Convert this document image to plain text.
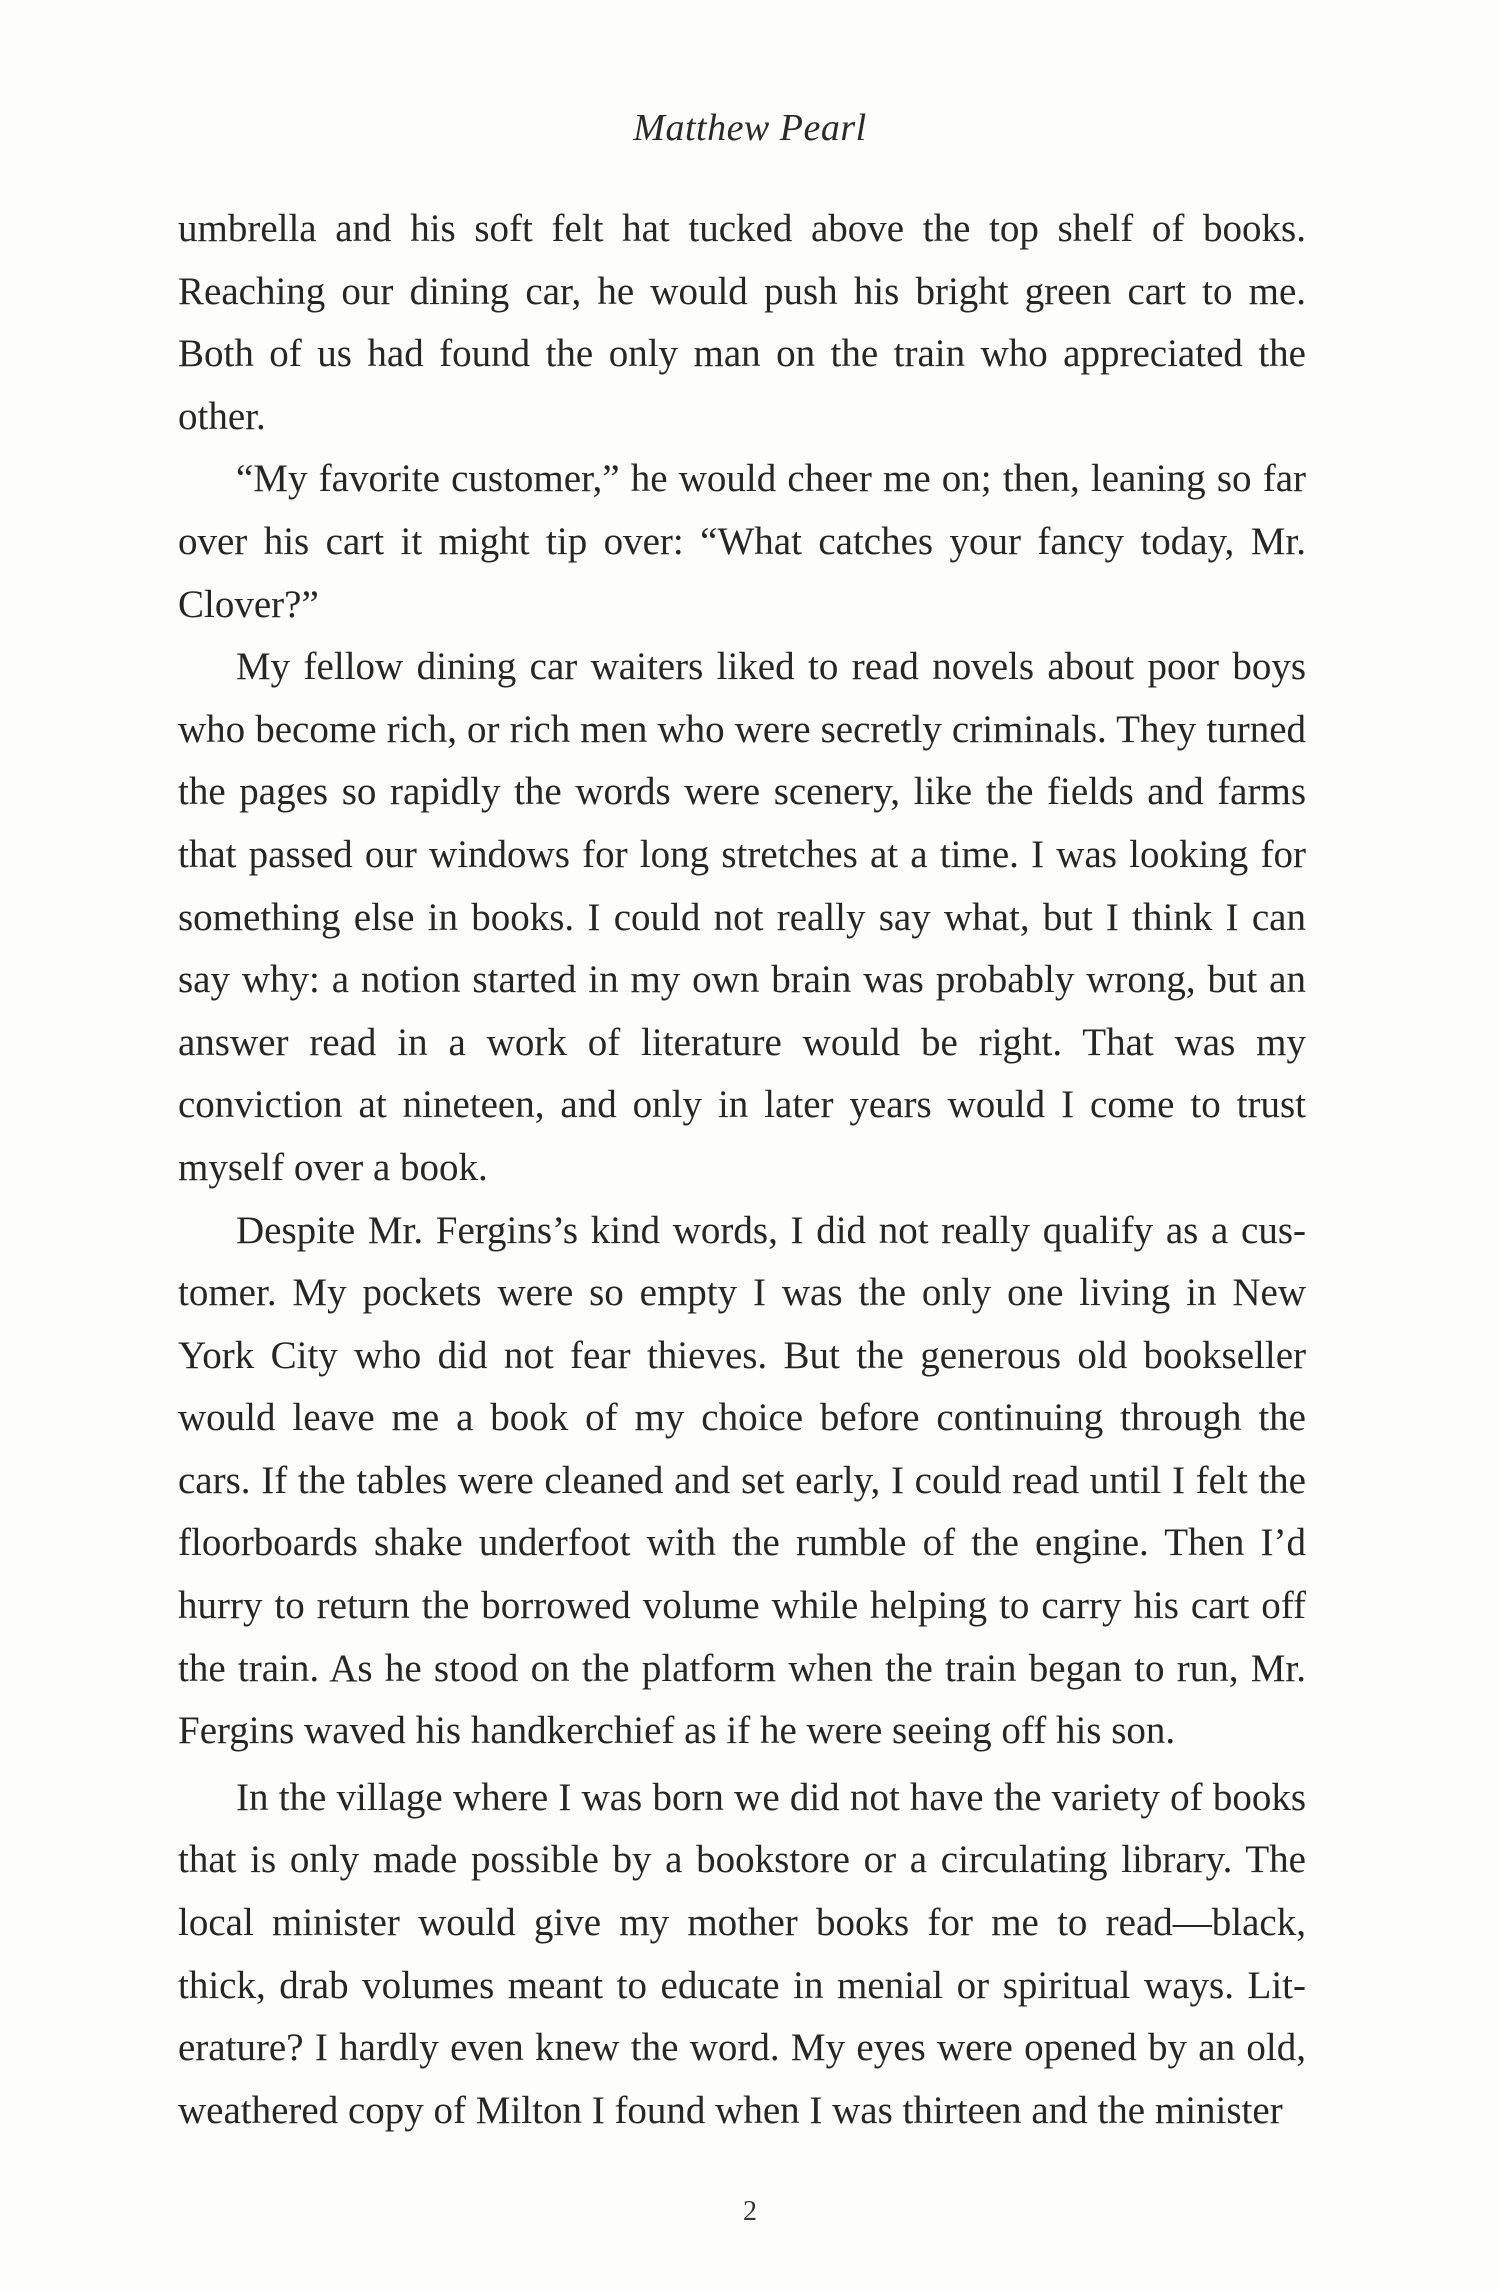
Matthew Pearl

umbrella and his soft felt hat tucked above the top shelf of books. Reaching our dining car, he would push his bright green cart to me. Both of us had found the only man on the train who appreciated the other.

“My favorite customer,” he would cheer me on; then, leaning so far over his cart it might tip over: “What catches your fancy today, Mr. Clover?”

My fellow dining car waiters liked to read novels about poor boys who become rich, or rich men who were secretly criminals. They turned the pages so rapidly the words were scenery, like the fields and farms that passed our windows for long stretches at a time. I was looking for something else in books. I could not really say what, but I think I can say why: a notion started in my own brain was probably wrong, but an answer read in a work of literature would be right. That was my conviction at nineteen, and only in later years would I come to trust myself over a book.

Despite Mr. Fergins’s kind words, I did not really qualify as a customer. My pockets were so empty I was the only one living in New York City who did not fear thieves. But the generous old bookseller would leave me a book of my choice before continuing through the cars. If the tables were cleaned and set early, I could read until I felt the floorboards shake underfoot with the rumble of the engine. Then I’d hurry to return the borrowed volume while helping to carry his cart off the train. As he stood on the platform when the train began to run, Mr. Fergins waved his handkerchief as if he were seeing off his son.

In the village where I was born we did not have the variety of books that is only made possible by a bookstore or a circulating library. The local minister would give my mother books for me to read—black, thick, drab volumes meant to educate in menial or spiritual ways. Literature? I hardly even knew the word. My eyes were opened by an old, weathered copy of Milton I found when I was thirteen and the minister

2
